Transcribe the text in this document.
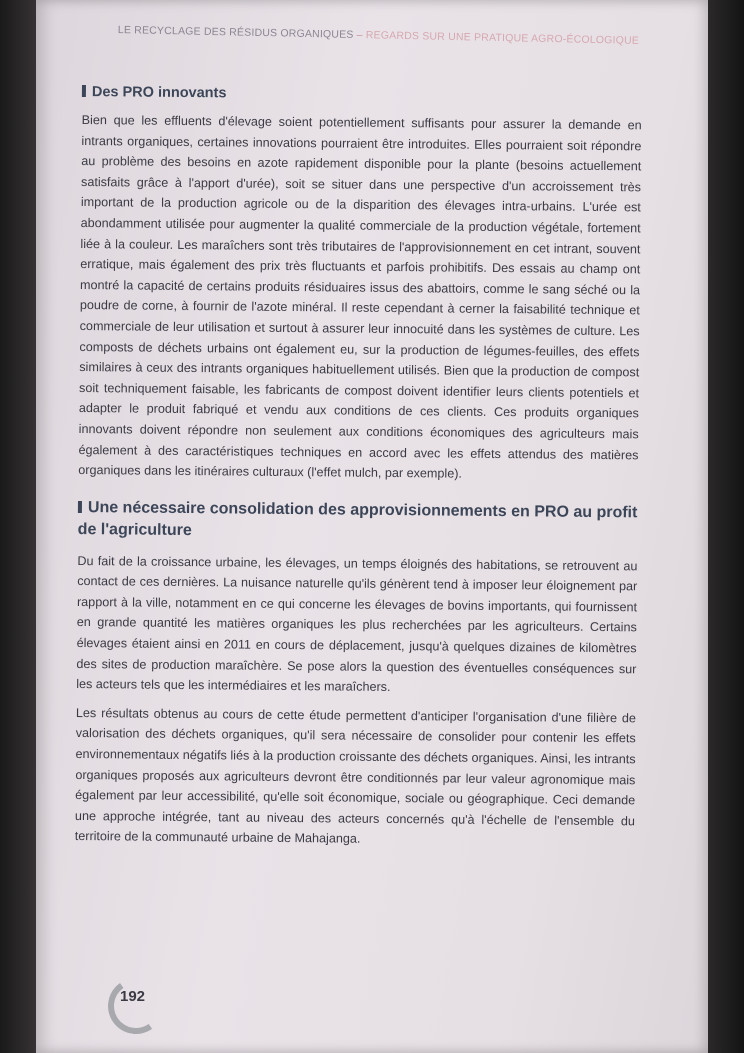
LE RECYCLAGE DES RÉSIDUS ORGANIQUES – REGARDS SUR UNE PRATIQUE AGRO-ÉCOLOGIQUE
Des PRO innovants

Bien que les effluents d'élevage soient potentiellement suffisants pour assurer la demande en intrants organiques, certaines innovations pourraient être introduites. Elles pourraient soit répondre au problème des besoins en azote rapidement disponible pour la plante (besoins actuellement satisfaits grâce à l'apport d'urée), soit se situer dans une perspective d'un accroissement très important de la production agricole ou de la disparition des élevages intra-urbains. L'urée est abondamment utilisée pour augmenter la qualité commerciale de la production végétale, fortement liée à la couleur. Les maraîchers sont très tributaires de l'approvisionnement en cet intrant, souvent erratique, mais également des prix très fluctuants et parfois prohibitifs. Des essais au champ ont montré la capacité de certains produits résiduaires issus des abattoirs, comme le sang séché ou la poudre de corne, à fournir de l'azote minéral. Il reste cependant à cerner la faisabilité technique et commerciale de leur utilisation et surtout à assurer leur innocuité dans les systèmes de culture. Les composts de déchets urbains ont également eu, sur la production de légumes-feuilles, des effets similaires à ceux des intrants organiques habituellement utilisés. Bien que la production de compost soit techniquement faisable, les fabricants de compost doivent identifier leurs clients potentiels et adapter le produit fabriqué et vendu aux conditions de ces clients. Ces produits organiques innovants doivent répondre non seulement aux conditions économiques des agriculteurs mais également à des caractéristiques techniques en accord avec les effets attendus des matières organiques dans les itinéraires culturaux (l'effet mulch, par exemple).

Une nécessaire consolidation des approvisionnements en PRO au profit de l'agriculture

Du fait de la croissance urbaine, les élevages, un temps éloignés des habitations, se retrouvent au contact de ces dernières. La nuisance naturelle qu'ils génèrent tend à imposer leur éloignement par rapport à la ville, notamment en ce qui concerne les élevages de bovins importants, qui fournissent en grande quantité les matières organiques les plus recherchées par les agriculteurs. Certains élevages étaient ainsi en 2011 en cours de déplacement, jusqu'à quelques dizaines de kilomètres des sites de production maraîchère. Se pose alors la question des éventuelles conséquences sur les acteurs tels que les intermédiaires et les maraîchers.

Les résultats obtenus au cours de cette étude permettent d'anticiper l'organisation d'une filière de valorisation des déchets organiques, qu'il sera nécessaire de consolider pour contenir les effets environnementaux négatifs liés à la production croissante des déchets organiques. Ainsi, les intrants organiques proposés aux agriculteurs devront être conditionnés par leur valeur agronomique mais également par leur accessibilité, qu'elle soit économique, sociale ou géographique. Ceci demande une approche intégrée, tant au niveau des acteurs concernés qu'à l'échelle de l'ensemble du territoire de la communauté urbaine de Mahajanga.

192
